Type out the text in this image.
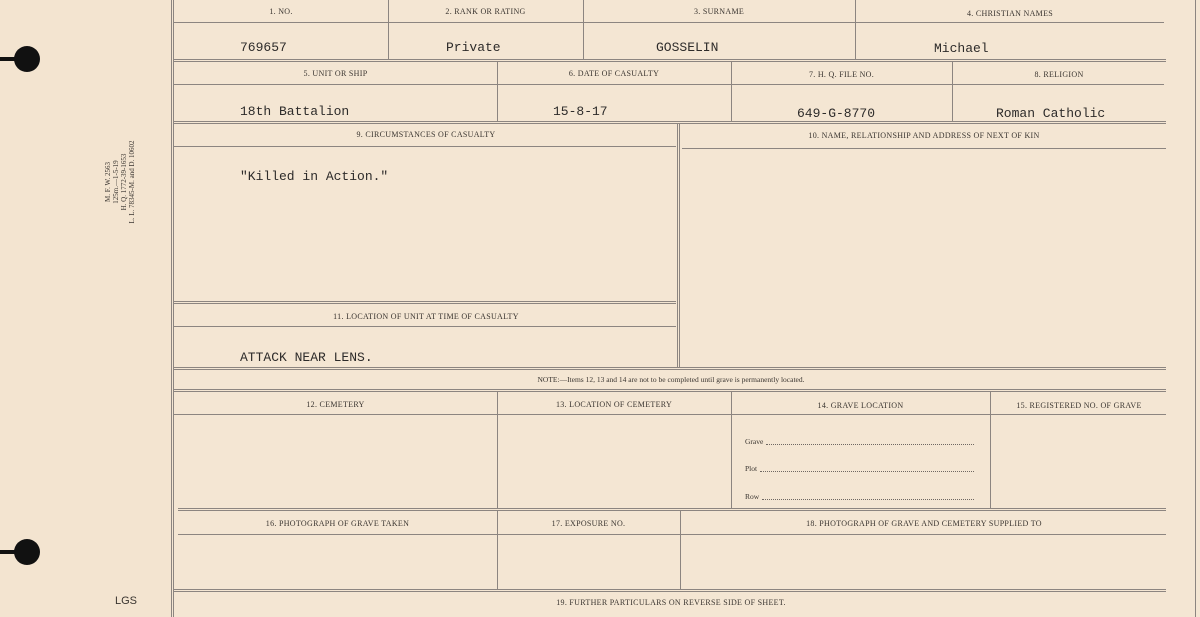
M. F. W. 2563 125m.—1-5-19 H. Q. 1772-39-1653 L. L. 78345-M. and D. 10602
LGS
1. NO.	2. RANK OR RATING	3. SURNAME	4. CHRISTIAN NAMES
769657	Private	GOSSELIN	Michael
5. UNIT OR SHIP	6. DATE OF CASUALTY	7. H. Q. FILE NO.	8. RELIGION
18th Battalion	15-8-17	649-G-8770	Roman Catholic
9. CIRCUMSTANCES OF CASUALTY	10. NAME, RELATIONSHIP AND ADDRESS OF NEXT OF KIN
"Killed in Action."
11. LOCATION OF UNIT AT TIME OF CASUALTY
ATTACK NEAR LENS.
NOTE:—Items 12, 13 and 14 are not to be completed until grave is permanently located.
12. CEMETERY	13. LOCATION OF CEMETERY	14. GRAVE LOCATION	15. REGISTERED NO. OF GRAVE
Grave
Plot
Row
16. PHOTOGRAPH OF GRAVE TAKEN	17. EXPOSURE NO.	18. PHOTOGRAPH OF GRAVE AND CEMETERY SUPPLIED TO
19. FURTHER PARTICULARS ON REVERSE SIDE OF SHEET.
